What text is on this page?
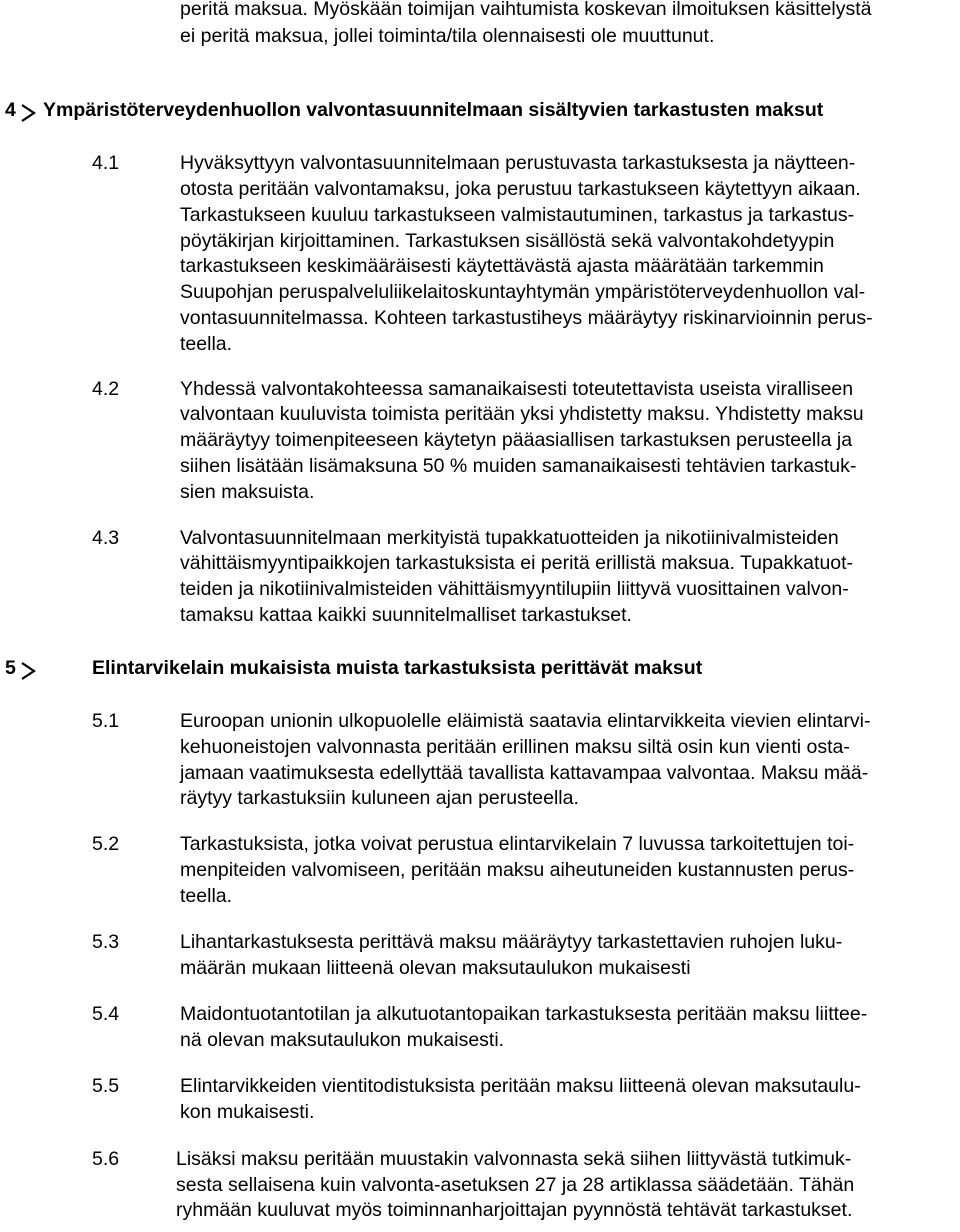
peritä maksua. Myöskään toimijan vaihtumista koskevan ilmoituksen käsittelystä
ei peritä maksua, jollei toiminta/tila olennaisesti ole muuttunut.
4 Ympäristöterveydenhuollon valvontasuunnitelmaan sisältyvien tarkastusten maksut
4.1	Hyväksyttyyn valvontasuunnitelmaan perustuvasta tarkastuksesta ja näytteen-
otosta peritään valvontamaksu, joka perustuu tarkastukseen käytettyyn aikaan.
Tarkastukseen kuuluu tarkastukseen valmistautuminen, tarkastus ja tarkastus-
pöytäkirjan kirjoittaminen. Tarkastuksen sisällöstä sekä valvontakohdetyypin
tarkastukseen keskimääräisesti käytettävästä ajasta määrätään tarkemmin
Suupohjan peruspalveluliikelaitoskuntayhtymän ympäristöterveydenhuollon val-
vontasuunnitelmassa. Kohteen tarkastustiheys määräytyy riskinarvioinnin perus-
teella.
4.2	Yhdessä valvontakohteessa samanaikaisesti toteutettavista useista viralliseen
valvontaan kuuluvista toimista peritään yksi yhdistetty maksu. Yhdistetty maksu
määräytyy toimenpiteeseen käytetyn pääasiallisen tarkastuksen perusteella ja
siihen lisätään lisämaksuna 50 % muiden samanaikaisesti tehtävien tarkastuk-
sien maksuista.
4.3	Valvontasuunnitelmaan merkityistä tupakkatuotteiden ja nikotiinivalmisteiden
vähittäismyyntipaikkojen tarkastuksista ei peritä erillistä maksua. Tupakkatuot-
teiden ja nikotiinivalmisteiden vähittäismyyntilupiin liittyvä vuosittainen valvon-
tamaksu kattaa kaikki suunnitelmalliset tarkastukset.
5	Elintarvikelain mukaisista muista tarkastuksista perittävät maksut
5.1	Euroopan unionin ulkopuolelle eläimistä saatavia elintarvikkeita vievien elintarvi-
kehuoneistojen valvonnasta peritään erillinen maksu siltä osin kun vienti osta-
jamaan vaatimuksesta edellyttää tavallista kattavampaa valvontaa. Maksu mää-
räytyy tarkastuksiin kuluneen ajan perusteella.
5.2	Tarkastuksista, jotka voivat perustua elintarvikelain 7 luvussa tarkoitettujen toi-
menpiteiden valvomiseen, peritään maksu aiheutuneiden kustannusten perus-
teella.
5.3	Lihantarkastuksesta perittävä maksu määräytyy tarkastettavien ruhojen luku-
määrän mukaan liitteenä olevan maksutaulukon mukaisesti
5.4	Maidontuotantotilan ja alkutuotantopaikan tarkastuksesta peritään maksu liittee-
nä olevan maksutaulukon mukaisesti.
5.5	Elintarvikkeiden vientitodistuksista peritään maksu liitteenä olevan maksutaulu-
kon mukaisesti.
5.6	Lisäksi maksu peritään muustakin valvonnasta sekä siihen liittyvästä tutkimuk-
sesta sellaisena kuin valvonta-asetuksen 27 ja 28 artiklassa säädetään. Tähän
ryhmään kuuluvat myös toiminnanharjoittajan pyynnöstä tehtävät tarkastukset.
